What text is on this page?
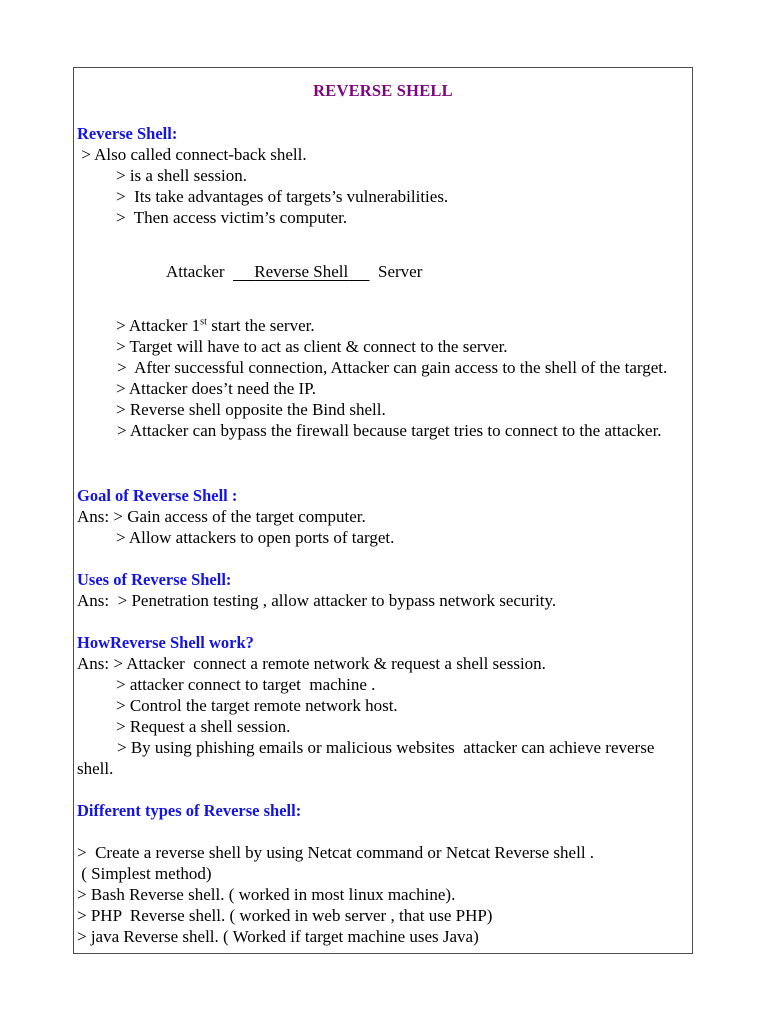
REVERSE SHELL
Reverse Shell:
> Also called connect-back shell.
> is a shell session.
>  Its take advantages of targets’s vulnerabilities.
>  Then access victim’s computer.
Attacker Reverse Shell Server
> Attacker 1st start the server.
> Target will have to act as client & connect to the server.
>  After successful connection, Attacker can gain access to the shell of the target.
> Attacker does’t need the IP.
> Reverse shell opposite the Bind shell.
> Attacker can bypass the firewall because target tries to connect to the attacker.
Goal of Reverse Shell :
Ans: > Gain access of the target computer.
> Allow attackers to open ports of target.
Uses of Reverse Shell:
Ans:  > Penetration testing , allow attacker to bypass network security.
HowReverse Shell work?
Ans: > Attacker  connect a remote network & request a shell session.
> attacker connect to target  machine .
> Control the target remote network host.
> Request a shell session.
> By using phishing emails or malicious websites  attacker can achieve reverse shell.
Different types of Reverse shell:
>  Create a reverse shell by using Netcat command or Netcat Reverse shell .
( Simplest method)
> Bash Reverse shell. ( worked in most linux machine).
> PHP  Reverse shell. ( worked in web server , that use PHP)
> java Reverse shell. ( Worked if target machine uses Java)
